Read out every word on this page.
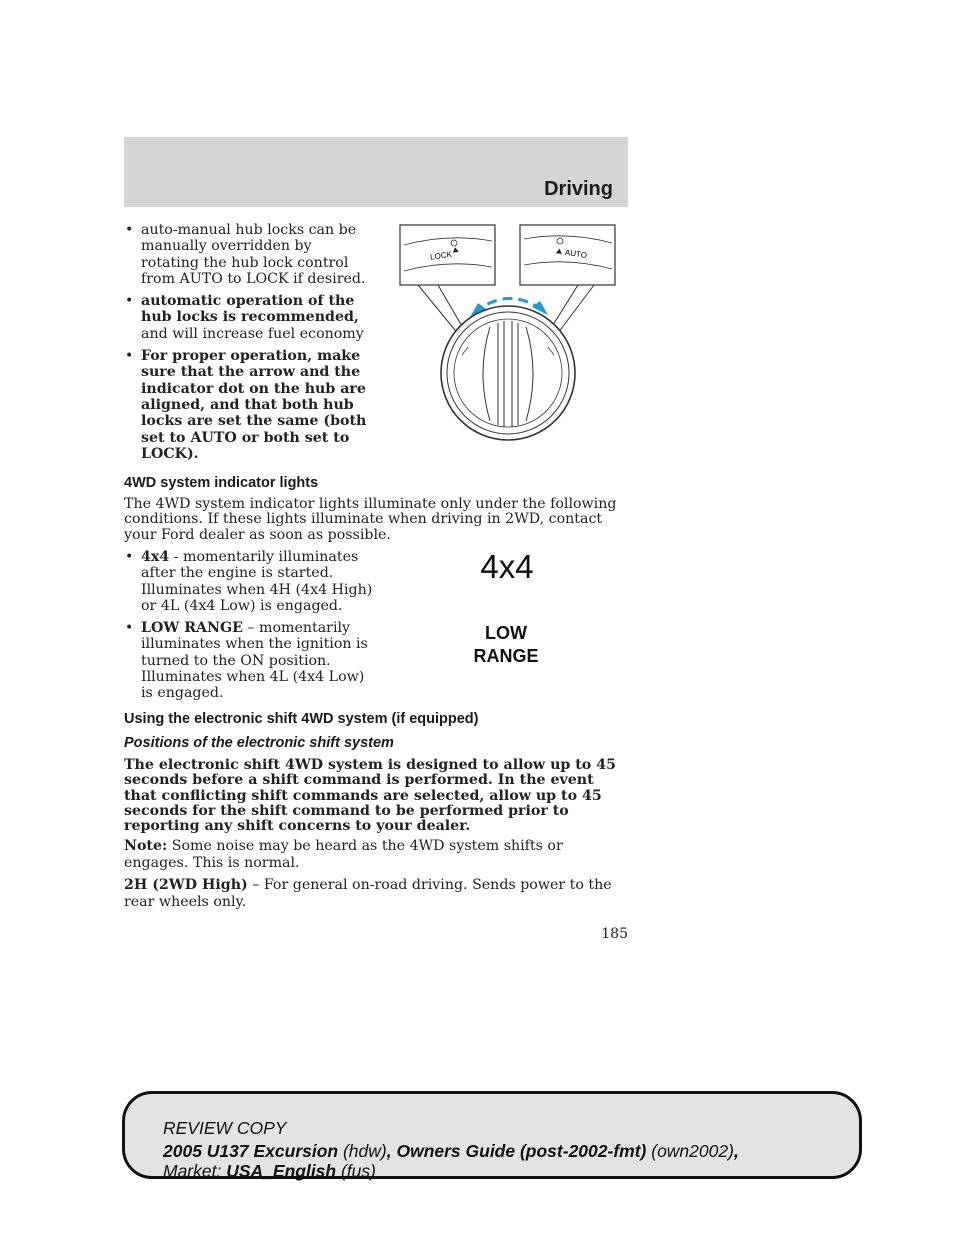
Driving
• auto-manual hub locks can be manually overridden by rotating the hub lock control from AUTO to LOCK if desired.
• automatic operation of the hub locks is recommended, and will increase fuel economy
• For proper operation, make sure that the arrow and the indicator dot on the hub are aligned, and that both hub locks are set the same (both set to AUTO or both set to LOCK).
LOCK	AUTO
4WD system indicator lights

The 4WD system indicator lights illuminate only under the following conditions. If these lights illuminate when driving in 2WD, contact your Ford dealer as soon as possible.

• 4x4 - momentarily illuminates after the engine is started. Illuminates when 4H (4x4 High) or 4L (4x4 Low) is engaged.
• LOW RANGE – momentarily illuminates when the ignition is turned to the ON position. Illuminates when 4L (4x4 Low) is engaged.
4x4
LOW
RANGE
Using the electronic shift 4WD system (if equipped)
Positions of the electronic shift system

The electronic shift 4WD system is designed to allow up to 45 seconds before a shift command is performed. In the event that conflicting shift commands are selected, allow up to 45 seconds for the shift command to be performed prior to reporting any shift concerns to your dealer.

Note: Some noise may be heard as the 4WD system shifts or engages. This is normal.

2H (2WD High) – For general on-road driving. Sends power to the rear wheels only.

185
REVIEW COPY
2005 U137 Excursion (hdw), Owners Guide (post-2002-fmt) (own2002),
Market: USA_English (fus)
